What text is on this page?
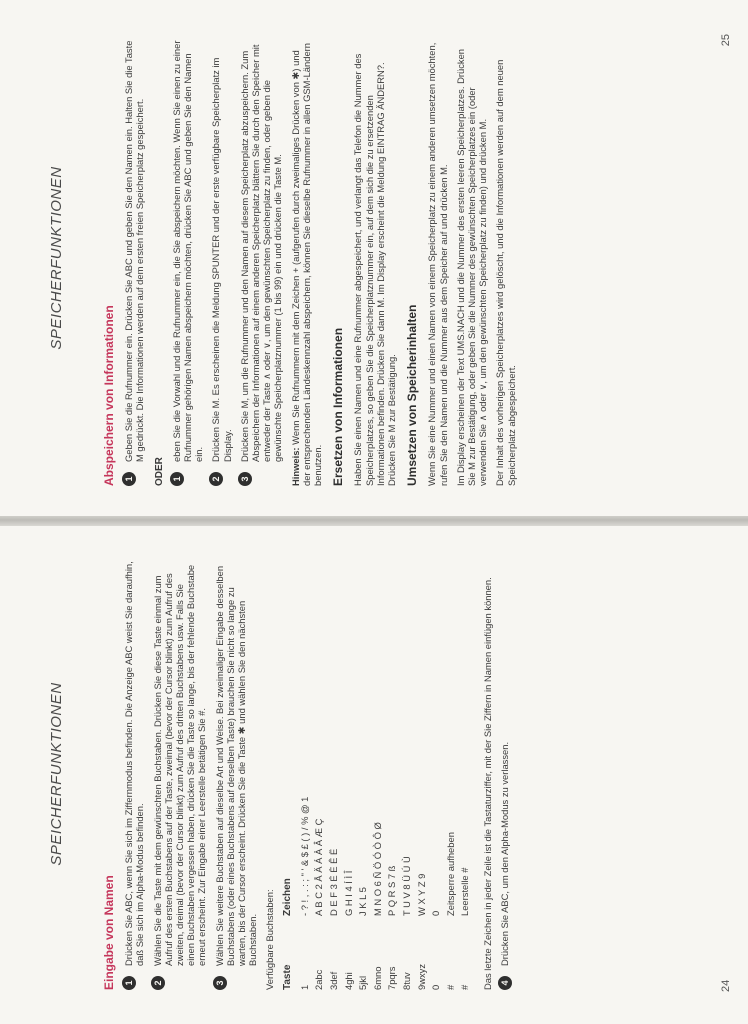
SPEICHERFUNKTIONEN
Eingabe von Namen 1
Drücken Sie ABC, wenn Sie sich im Ziffernmodus befinden. Die Anzeige ABC weist Sie daraufhin, daß Sie sich im Alpha-Modus befinden.
2
Wählen Sie die Taste mit dem gewünschten Buchstaben. Drücken Sie diese Taste einmal zum Aufruf des ersten Buchstabens auf der Taste, zweimal (bevor der Cursor blinkt) zum Aufruf des zweiten, dreimal (bevor der Cursor blinkt) zum Aufruf des dritten Buchstabens usw. Falls Sie einen Buchstaben vergessen haben, drücken Sie die Taste so lange, bis der fehlende Buchstabe erneut erscheint. Zur Eingabe einer Leerstelle betätigen Sie #.
3
Wählen Sie weitere Buchstaben auf dieselbe Art und Weise. Bei zweimaliger Eingabe desselben Buchstabens (oder eines Buchstabens auf derselben Taste) brauchen Sie nicht so lange zu warten, bis der Cursor erscheint. Drücken Sie die Taste ✱ und wählen Sie den nächsten Buchstaben. Verfügbare Buchstaben: Taste	Zeichen
1	- ? ! , . : ; " ' & $ £ ( ) / % @ 1
2abc	A B C 2 Å Ä Á À Â Æ Ç
3def	D E F 3 É È Ê Ë
4ghi	G H I 4 Í Ì Î
5jkl	J K L 5
6mno	M N O 6 Ñ Ö Ó Ò Ô Ø
7pqrs	P Q R S 7 ß
8tuv	T U V 8 Ü Ú Ù
9wxyz	W X Y Z 9
0	0
#	Zeitsperre aufheben
#	Leerstelle # Das letzte Zeichen in jeder Zeile ist die Tastaturziffer, mit der Sie Ziffern in Namen einfügen können. 4
Drücken Sie ABC, um den Alpha-Modus zu verlassen.
24
SPEICHERFUNKTIONEN
Abspeichern von Informationen 1
Geben Sie die Rufnummer ein. Drücken Sie ABC und geben Sie den Namen ein. Halten Sie die Taste M gedrückt. Die Informationen werden auf dem ersten freien Speicherplatz gespeichert.
ODER 1
eben Sie die Vorwahl und die Rufnummer ein, die Sie abspeichern möchten. Wenn Sie einen zu einer Rufnummer gehörigen Namen abspeichern möchten, drücken Sie ABC und geben Sie den Namen ein.
2
Drücken Sie M. Es erscheinen die Meldung SPUNTER und der erste verfügbare Speicherplatz im Display.
3
Drücken Sie M, um die Rufnummer und den Namen auf diesem Speicherplatz abzuspeichern. Zum Abspeichern der Informationen auf einem anderen Speicherplatz blättern Sie durch den Speicher mit entweder der Taste ∧ oder ∨, um den gewünschten Speicherplatz zu finden, oder geben die gewünschte Speicherplatznummer (1 bis 99) ein und drücken die Taste M.
Hinweis: Wenn Sie Rufnummern mit dem Zeichen + (aufgerufen durch zweimaliges Drücken von ✱) und der entsprechenden Ländeskennzahl abspeichern, können Sie dieselbe Rufnummer in allen GSM-Ländern benutzen. Ersetzen von Informationen Haben Sie einen Namen und eine Rufnummer abgespeichert, und verlangt das Telefon die Nummer des Speicherplatzes, so geben Sie die Speicherplatznummer ein, auf dem sich die zu ersetzenden Informationen befinden. Drücken Sie dann M. Im Display erscheint die Meldung EINTRAG ÄNDERN?. Drücken Sie M zur Bestätigung. Umsetzen von Speicherinhalten Wenn Sie eine Nummer und einen Namen von einem Speicherplatz zu einem anderen umsetzen möchten, rufen Sie den Namen und die Nummer aus dem Speicher auf und drücken M. Im Display erscheinen der Text UMS.NACH und die Nummer des ersten leeren Speicherplatzes. Drücken Sie M zur Bestätigung, oder geben Sie die Nummer des gewünschten Speicherplatzes ein (oder verwenden Sie ∧ oder ∨, um den gewünschten Speicherplatz zu finden) und drücken M. Der Inhalt des vorherigen Speicherplatzes wird gelöscht, und die Informationen werden auf dem neuen Speicherplatz abgespeichert.
25
